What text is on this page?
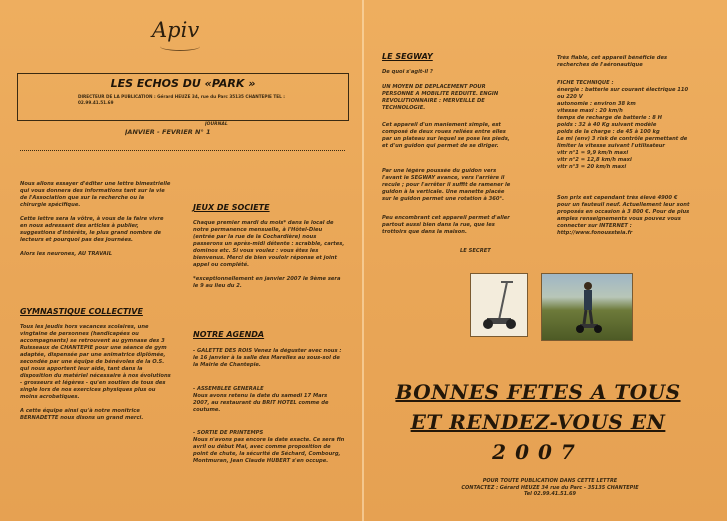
Apiv
LES ECHOS DU «PARK »
DIRECTEUR DE LA PUBLICATION : Gérard HEUZE 34, rue du Parc 35135 CHANTEPIE TEL : 02.99.41.51.69
JOURNAL
JANVIER - FEVRIER N° 1
Nous allons essayer d'éditer une lettre bimestrielle qui vous donnera des informations tant sur la vie de l'Association que sur la recherche ou la chirurgie spécifique.

Cette lettre sera la vôtre, à vous de la faire vivre en nous adressant des articles à publier, suggestions d'intérêts, le plus grand nombre de lecteurs et pourquoi pas des journées.

Alors les neurones, AU TRAVAIL
GYMNASTIQUE COLLECTIVE
Tous les jeudis hors vacances scolaires, une vingtaine de personnes (handicapées ou accompagnants) se retrouvent au gymnase des 3 Ruisseaux de CHANTEPIE pour une séance de gym adaptée, dispensée par une animatrice diplômée, secondée par une équipe de bénévoles de la O.S. qui nous apportent leur aide, tant dans la disposition du matériel nécessaire à nos évolutions - grosseurs et légères - qu'en soutien de tous des single lors de nos exercices physiques plus ou moins acrobatiques.

A cette équipe ainsi qu'à notre monitrice BERNADETTE nous disons un grand merci.
JEUX DE SOCIETE
Chaque premier mardi du mois* dans le local de notre permanence mensuelle, à l'Hôtel-Dieu (entrée par la rue de la Cochardière) nous passerons un après-midi détente : scrabble, cartes, dominos etc. Si vous voulez : vous êtes les bienvenus. Merci de bien vouloir réponse et joint appel ou complété.

*exceptionnellement en janvier 2007 le 9ème sera le 9 au lieu du 2.
NOTRE AGENDA
- GALETTE DES ROIS Venez la déguster avec nous : le 16 janvier à la salle des Marelles au sous-sol de la Mairie de Chantepie.
- ASSEMBLEE GENERALE
Nous avons retenu la date du samedi 17 Mars 2007, au restaurant du BRIT HOTEL comme de coutume.
- SORTIE DE PRINTEMPS
Nous n'avons pas encore la date exacte. Ce sera fin avril ou début Mai, avec comme proposition de point de chute, la sécurité de Séchard, Combourg, Montmuran, Jean Claude HUBERT s'en occupe.
LE SEGWAY
De quoi s'agit-il ?
UN MOYEN DE DEPLACEMENT POUR PERSONNE A MOBILITE REDUITE. ENGIN REVOLUTIONNAIRE : MERVEILLE DE TECHNOLOGIE.
Cet appareil d'un maniement simple, est composé de deux roues reliées entre elles par un plateau sur lequel se pose les pieds, et d'un guidon qui permet de se diriger.
Par une légère poussée du guidon vers l'avant le SEGWAY avance, vers l'arrière il recule ; pour l'arrêter il suffit de ramener le guidon à la verticale. Une manette placée sur le guidon permet une rotation à 360°.
Peu encombrant cet appareil permet d'aller partout aussi bien dans la rue, que les trottoirs que dans la maison.
LE SECRET
Très fiable, cet appareil bénéficie des recherches de l'aéronautique
FICHE TECHNIQUE :
énergie : batterie sur courant électrique 110 ou 220 V
autonomie : environ 38 km
vitesse maxi : 20 km/h
temps de recharge de batterie : 8 H
poids : 32 à 40 Kg suivant modèle
poids de la charge : de 45 à 100 kg
Le mi (env) 3 risk de contrôle permettant de limiter la vitesse suivant l'utilisateur
vitr n°1 = 9,9 km/h maxi
vitr n°2 = 12,8 km/h maxi
vitr n°3 = 20 km/h maxi
Son prix est cependant très élevé 4900 € pour un fauteuil neuf. Actuellement leur sont proposés en occasion à 3 800 €. Pour de plus amples renseignements vous pouvez vous connecter sur INTERNET : http://www.fonoussteia.fr
BONNES FETES A TOUS
ET RENDEZ-VOUS EN
2007
POUR TOUTE PUBLICATION DANS CETTE LETTRE
CONTACTEZ : Gérard HEUZE 34 rue du Parc - 35135 CHANTEPIE
Tel 02.99.41.51.69
